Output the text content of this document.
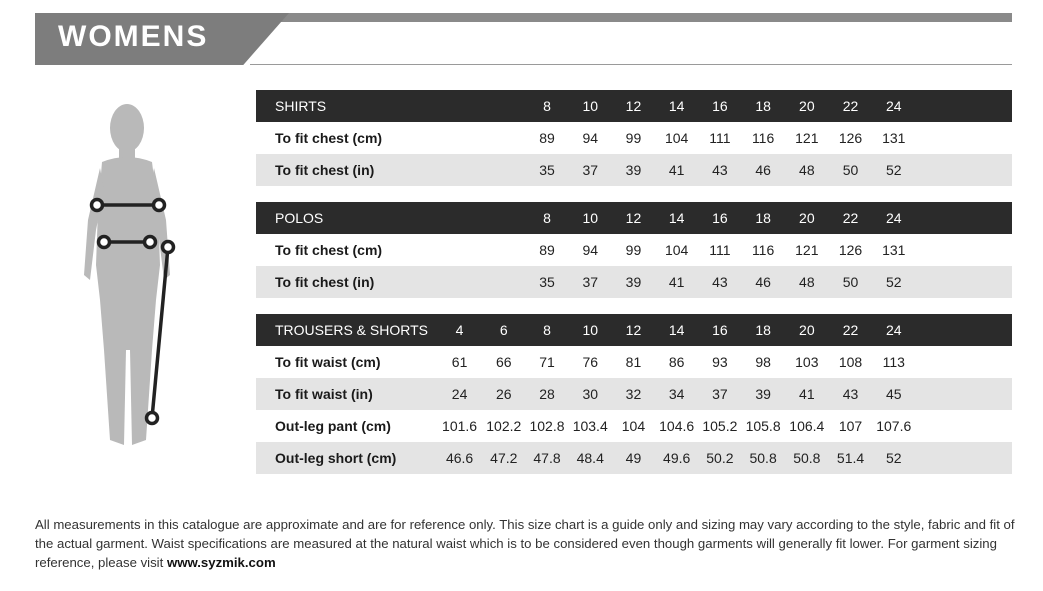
WOMENS
SHIRTS			8	10	12	14	16	18	20	22	24	
To fit chest (cm)			89	94	99	104	111	116	121	126	131	
To fit chest (in)			35	37	39	41	43	46	48	50	52	
POLOS			8	10	12	14	16	18	20	22	24	
To fit chest (cm)			89	94	99	104	111	116	121	126	131	
To fit chest (in)			35	37	39	41	43	46	48	50	52	
TROUSERS & SHORTS	4	6	8	10	12	14	16	18	20	22	24	
To fit waist (cm)	61	66	71	76	81	86	93	98	103	108	113	
To fit waist (in)	24	26	28	30	32	34	37	39	41	43	45	
Out-leg pant (cm)	101.6	102.2	102.8	103.4	104	104.6	105.2	105.8	106.4	107	107.6	
Out-leg short (cm)	46.6	47.2	47.8	48.4	49	49.6	50.2	50.8	50.8	51.4	52	
All measurements in this catalogue are approximate and are for reference only. This size chart is a guide only and sizing may vary according to the style, fabric and fit of the actual garment. Waist specifications are measured at the natural waist which is to be considered even though garments will generally fit lower. For garment sizing reference, please visit www.syzmik.com
